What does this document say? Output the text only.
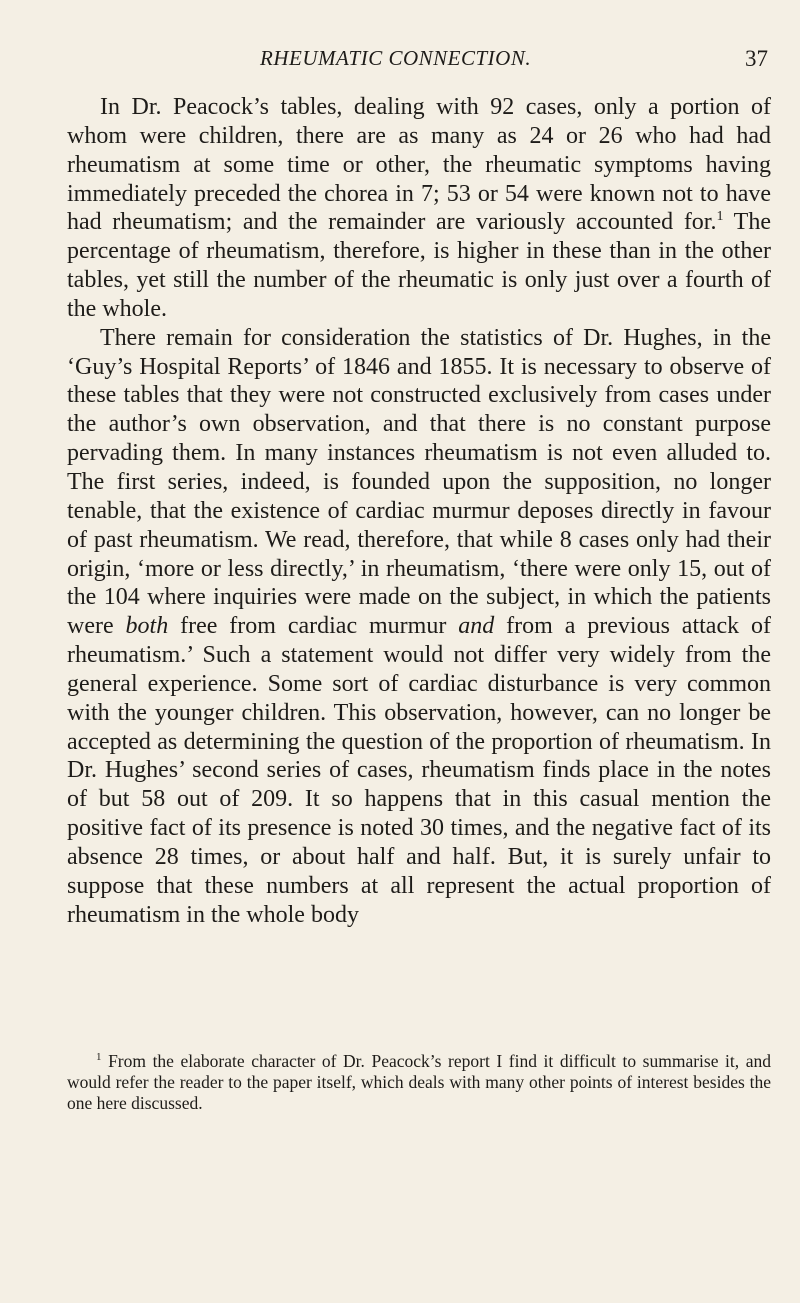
RHEUMATIC CONNECTION.	37

In Dr. Peacock’s tables, dealing with 92 cases, only a portion of whom were children, there are as many as 24 or 26 who had had rheumatism at some time or other, the rheumatic symptoms having immediately preceded the chorea in 7; 53 or 54 were known not to have had rheumatism; and the remainder are variously accounted for.$^1$ The percentage of rheumatism, therefore, is higher in these than in the other tables, yet still the number of the rheumatic is only just over a fourth of the whole.

There remain for consideration the statistics of Dr. Hughes, in the ‘Guy’s Hospital Reports’ of 1846 and 1855. It is necessary to observe of these tables that they were not constructed exclusively from cases under the author’s own observation, and that there is no constant purpose pervading them. In many instances rheumatism is not even alluded to. The first series, indeed, is founded upon the supposition, no longer tenable, that the existence of cardiac murmur deposes directly in favour of past rheumatism. We read, therefore, that while 8 cases only had their origin, ‘more or less directly,’ in rheumatism, ‘there were only 15, out of the 104 where inquiries were made on the subject, in which the patients were both free from cardiac murmur and from a previous attack of rheumatism.’ Such a statement would not differ very widely from the general experience. Some sort of cardiac disturbance is very common with the younger children. This observation, however, can no longer be accepted as determining the question of the proportion of rheumatism. In Dr. Hughes’ second series of cases, rheumatism finds place in the notes of but 58 out of 209. It so happens that in this casual mention the positive fact of its presence is noted 30 times, and the negative fact of its absence 28 times, or about half and half. But, it is surely unfair to suppose that these numbers at all represent the actual proportion of rheumatism in the whole body

$^1$ From the elaborate character of Dr. Peacock’s report I find it difficult to summarise it, and would refer the reader to the paper itself, which deals with many other points of interest besides the one here discussed.
